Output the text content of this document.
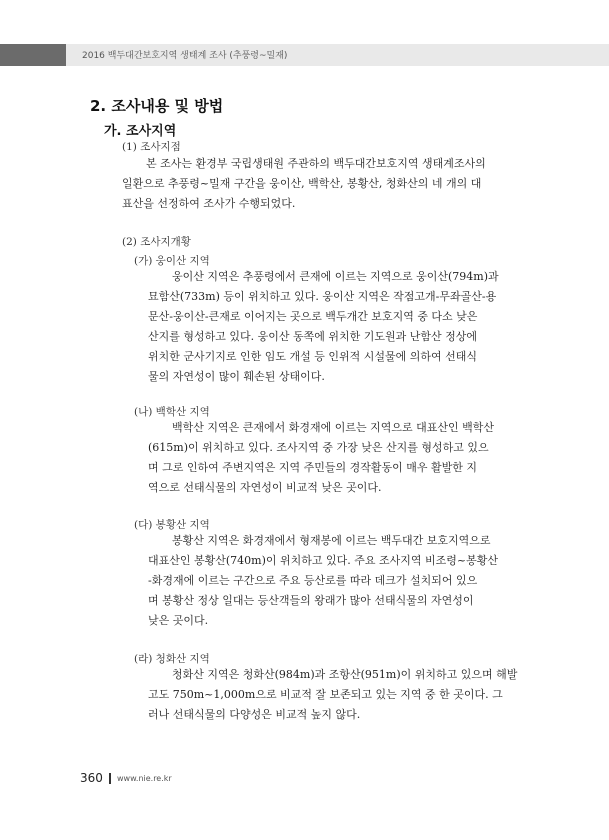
2016 백두대간보호지역 생태계 조사 (추풍령~밀재)
2. 조사내용 및 방법
가. 조사지역
(1) 조사지점
본 조사는 환경부 국립생태원 주관하의 백두대간보호지역 생태계조사의
일환으로 추풍령~밀재 구간을 웅이산, 백학산, 봉황산, 청화산의 네 개의 대
표산을 선정하여 조사가 수행되었다.
(2) 조사지개황
(가) 웅이산 지역
웅이산 지역은 추풍령에서 큰재에 이르는 지역으로 웅이산(794m)과
묘함산(733m) 등이 위치하고 있다. 웅이산 지역은 작점고개-무좌골산-용
문산-웅이산-큰재로 이어지는 곳으로 백두개간 보호지역 중 다소 낮은
산지를 형성하고 있다. 웅이산 동쪽에 위치한 기도원과 난함산 정상에
위치한 군사기지로 인한 임도 개설 등 인위적 시설물에 의하여 선태식
물의 자연성이 많이 훼손된 상태이다.
(나) 백학산 지역
백학산 지역은 큰재에서 화경재에 이르는 지역으로 대표산인 백학산
(615m)이 위치하고 있다. 조사지역 중 가장 낮은 산지를 형성하고 있으
며 그로 인하여 주변지역은 지역 주민들의 경작활동이 매우 활발한 지
역으로 선태식물의 자연성이 비교적 낮은 곳이다.
(다) 봉황산 지역
봉황산 지역은 화경재에서 형재봉에 이르는 백두대간 보호지역으로
대표산인 봉황산(740m)이 위치하고 있다. 주요 조사지역 비조령~봉황산
-화경재에 이르는 구간으로 주요 등산로를 따라 데크가 설치되어 있으
며 봉황산 정상 일대는 등산객들의 왕래가 많아 선태식물의 자연성이
낮은 곳이다.
(라) 청화산 지역
청화산 지역은 청화산(984m)과 조항산(951m)이 위치하고 있으며 해발
고도 750m~1,000m으로 비교적 잘 보존되고 있는 지역 중 한 곳이다. 그
러나 선태식물의 다양성은 비교적 높지 않다.
360 www.nie.re.kr
